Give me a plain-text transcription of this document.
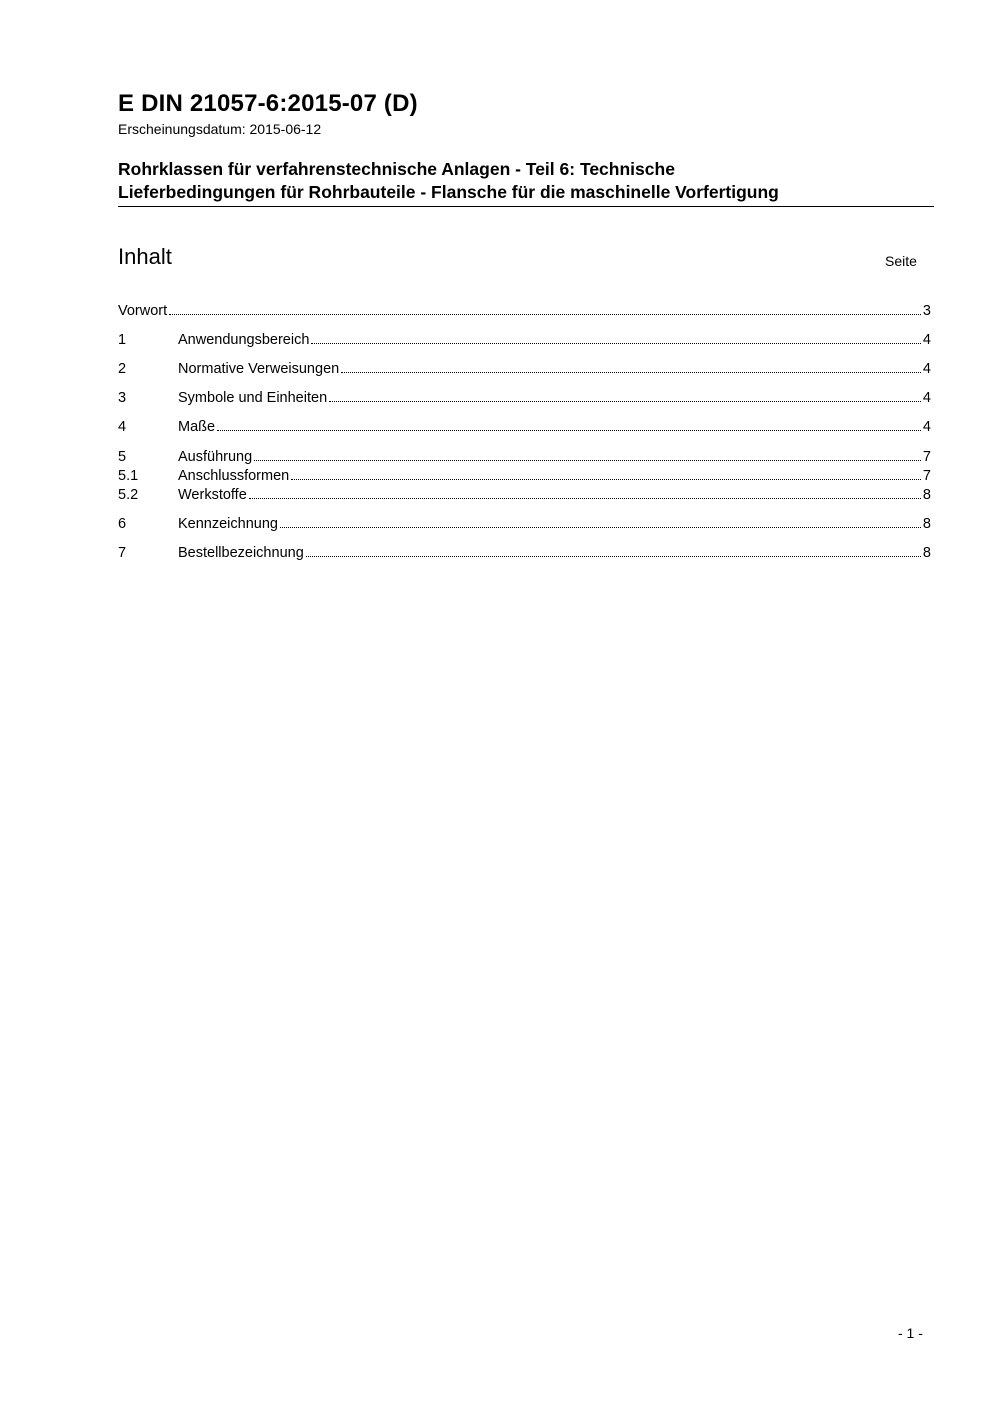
E DIN 21057-6:2015-07 (D)
Erscheinungsdatum: 2015-06-12
Rohrklassen für verfahrenstechnische Anlagen - Teil 6: Technische
Lieferbedingungen für Rohrbauteile - Flansche für die maschinelle Vorfertigung
Inhalt	Seite
Vorwort	3
1	Anwendungsbereich	4
2	Normative Verweisungen	4
3	Symbole und Einheiten	4
4	Maße	4
5	Ausführung	7
5.1	Anschlussformen	7
5.2	Werkstoffe	8
6	Kennzeichnung	8
7	Bestellbezeichnung	8
- 1 -
